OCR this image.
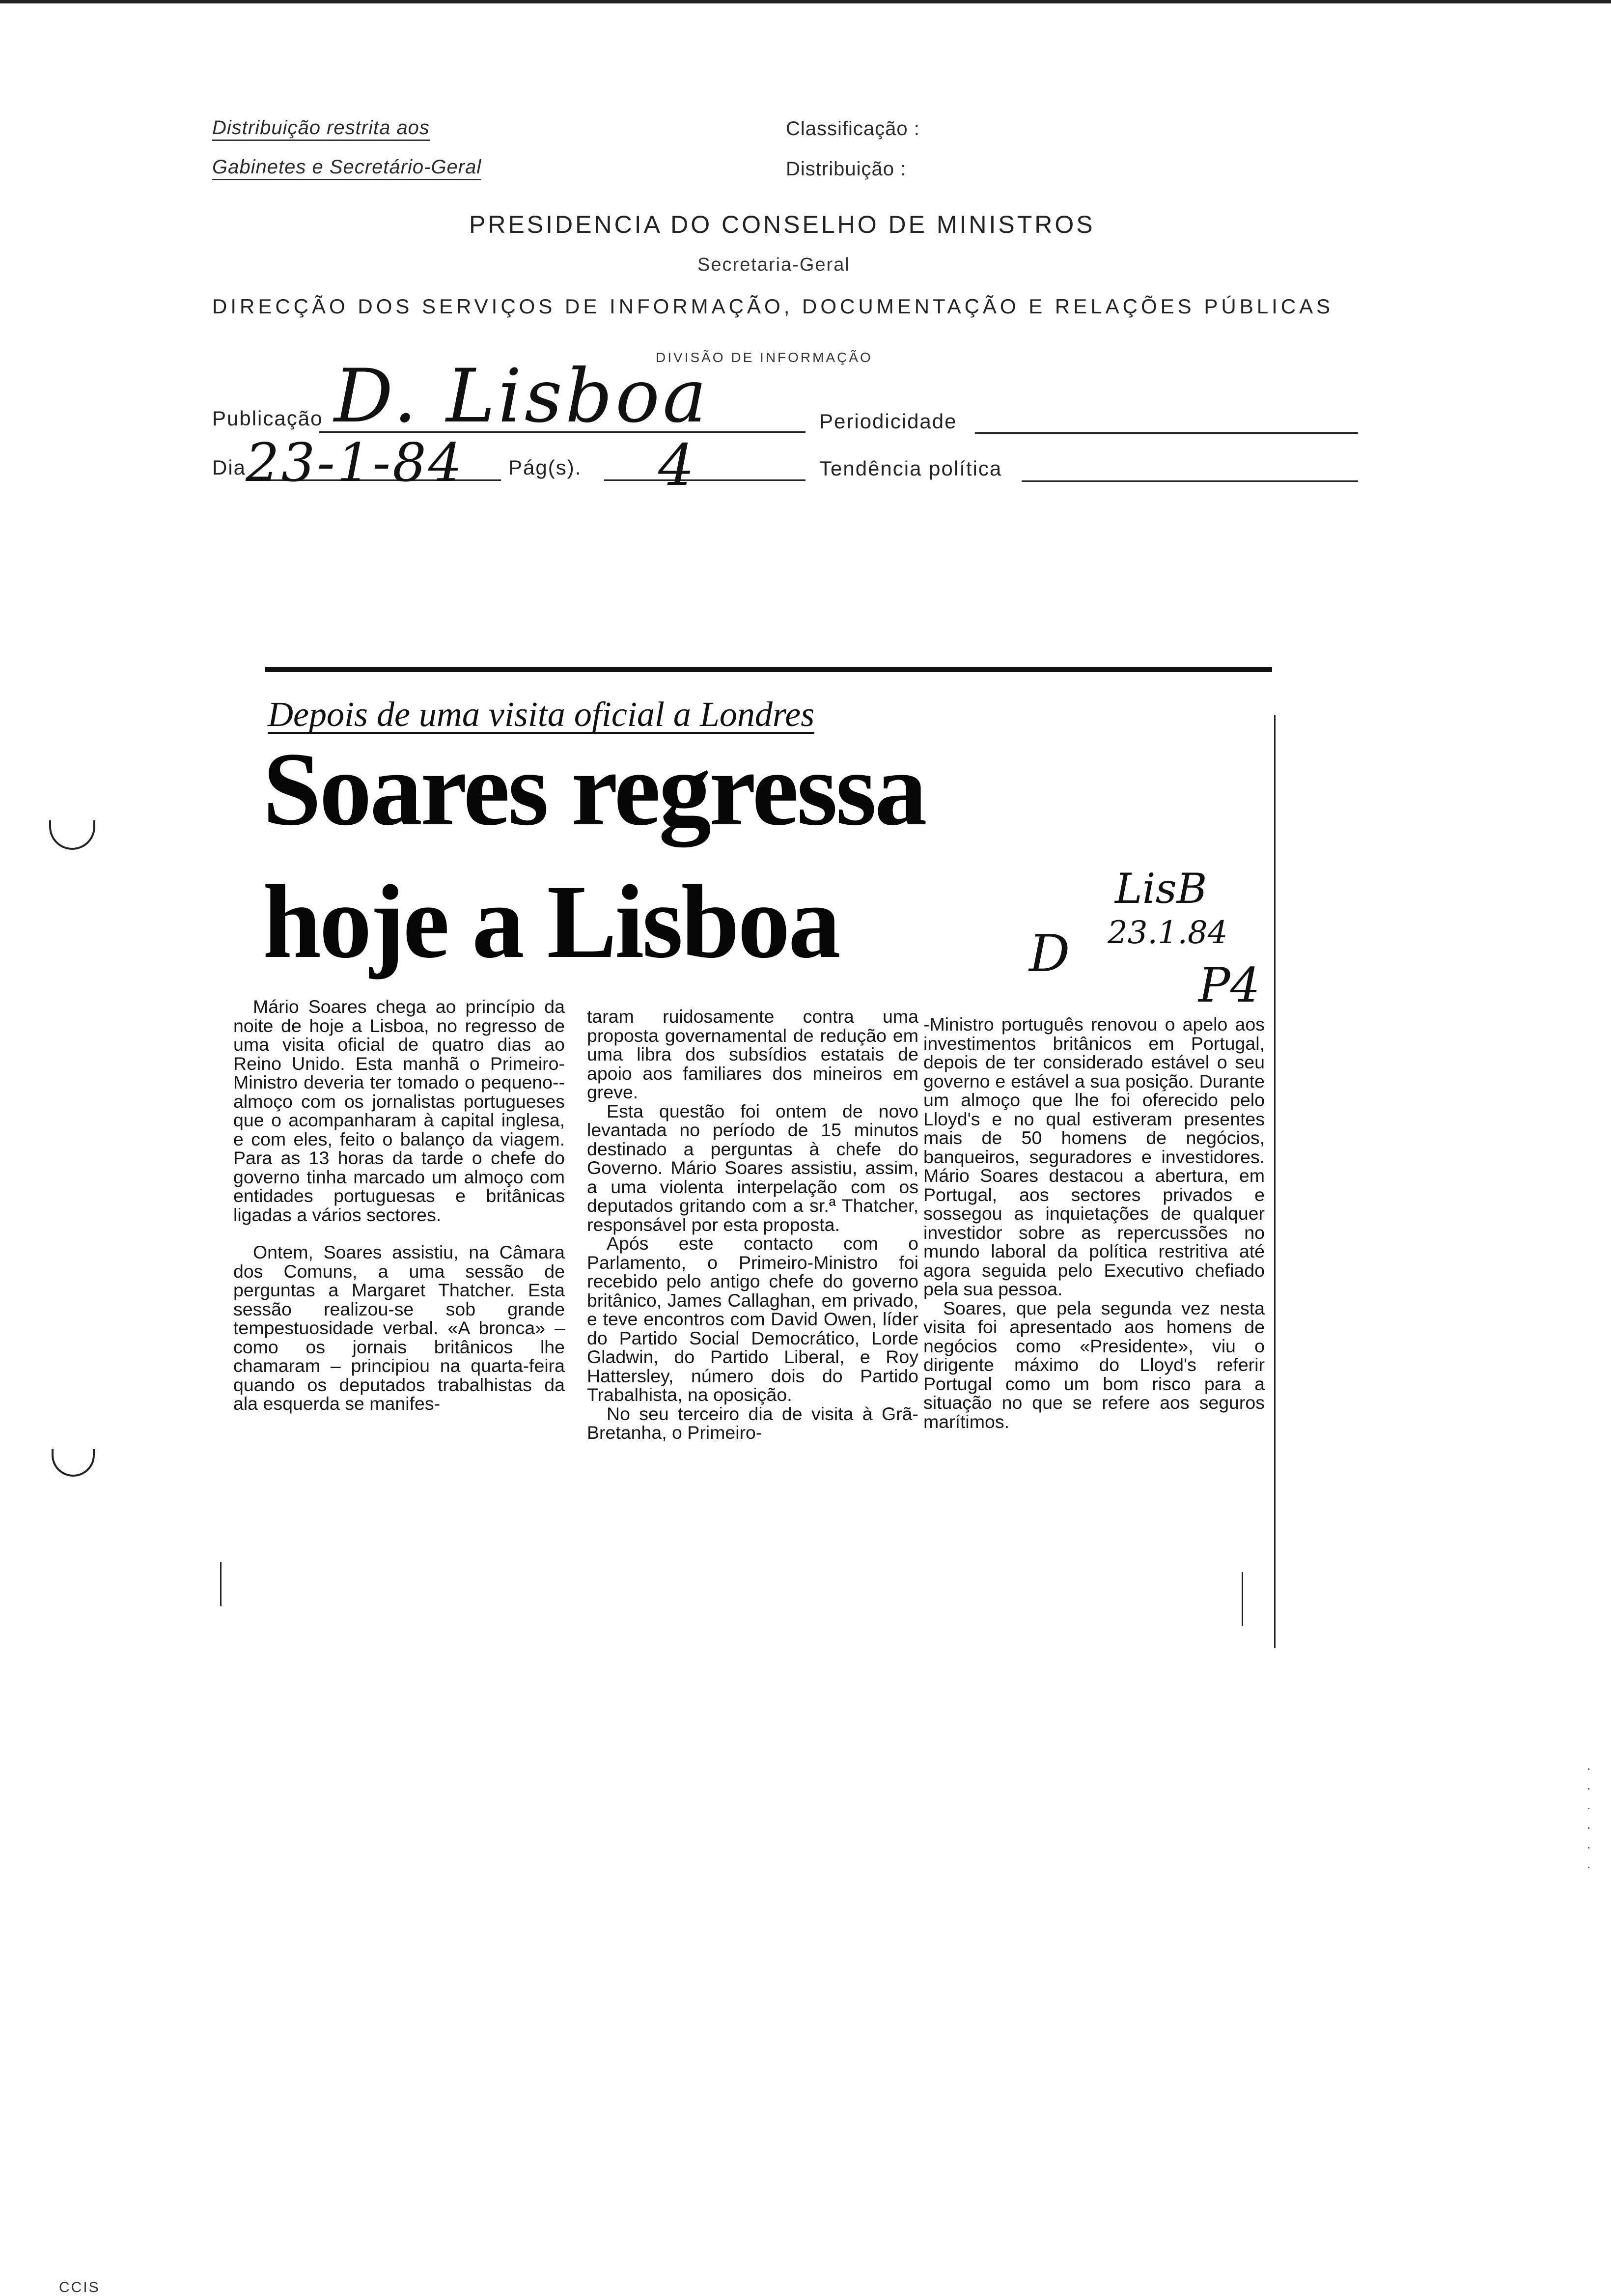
Distribuição restrita aos
Gabinetes e Secretário-Geral
Classificação :
Distribuição :
PRESIDENCIA DO CONSELHO DE MINISTROS
Secretaria-Geral
DIRECÇÃO DOS SERVIÇOS DE INFORMAÇÃO, DOCUMENTAÇÃO E RELAÇÕES PÚBLICAS
DIVISÃO DE INFORMAÇÃO
Publicação D. Lisboa	Periodicidade
Dia
23-1-84 Pág(s). 4	Tendência política
Depois de uma visita oficial a Londres
Soares regressa
hoje a Lisboa	D
LisB
23.1.84
P4

Mário Soares chega ao princípio da noite de hoje a Lisboa, no regresso de uma visita oficial de quatro dias ao Reino Unido. Esta manhã o Primeiro-Ministro deveria ter tomado o pequeno--almoço com os jornalistas portugueses que o acompanharam à capital inglesa, e com eles, feito o balanço da viagem. Para as 13 horas da tarde o chefe do governo tinha marcado um almoço com entidades portuguesas e britânicas ligadas a vários sectores.

Ontem, Soares assistiu, na Câmara dos Comuns, a uma sessão de perguntas a Margaret Thatcher. Esta sessão realizou-se sob grande tempestuosidade verbal. «A bronca» – como os jornais britânicos lhe chamaram – principiou na quarta-feira quando os deputados trabalhistas da ala esquerda se manifes-

taram ruidosamente contra uma proposta governamental de redução em uma libra dos subsídios estatais de apoio aos familiares dos mineiros em greve.

Esta questão foi ontem de novo levantada no período de 15 minutos destinado a perguntas à chefe do Governo. Mário Soares assistiu, assim, a uma violenta interpelação com os deputados gritando com a sr.ª Thatcher, responsável por esta proposta.

Após este contacto com o Parlamento, o Primeiro-Ministro foi recebido pelo antigo chefe do governo britânico, James Callaghan, em privado, e teve encontros com David Owen, líder do Partido Social Democrático, Lorde Gladwin, do Partido Liberal, e Roy Hattersley, número dois do Partido Trabalhista, na oposição.

No seu terceiro dia de visita à Grã-Bretanha, o Primeiro-

-Ministro português renovou o apelo aos investimentos britânicos em Portugal, depois de ter considerado estável o seu governo e estável a sua posição. Durante um almoço que lhe foi oferecido pelo Lloyd's e no qual estiveram presentes mais de 50 homens de negócios, banqueiros, seguradores e investidores. Mário Soares destacou a abertura, em Portugal, aos sectores privados e sossegou as inquietações de qualquer investidor sobre as repercussões no mundo laboral da política restritiva até agora seguida pelo Executivo chefiado pela sua pessoa.

Soares, que pela segunda vez nesta visita foi apresentado aos homens de negócios como «Presidente», viu o dirigente máximo do Lloyd's referir Portugal como um bom risco para a situação no que se refere aos seguros marítimos.

·
·
·
·
·
·
CCIS
